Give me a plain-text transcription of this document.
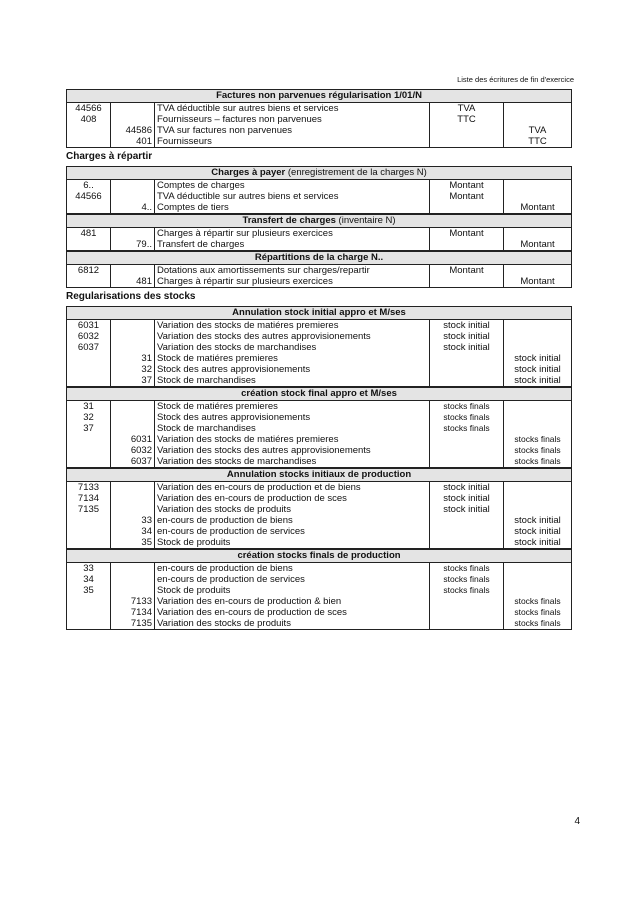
Liste des écritures de fin d'exercice
Factures non parvenues régularisation 1/01/N				
44566		TVA déductible sur autres biens et services	TVA	
408		Fournisseurs – factures non parvenues	TTC	
	44586	TVA sur factures non parvenues		TVA
	401	Fournisseurs		TTC
Charges à répartir
Charges à payer (enregistrement de la charges N)				
6..		Comptes de charges	Montant	
44566		TVA déductible sur autres biens et services	Montant	
	4..	Comptes de tiers		Montant
Transfert de charges (inventaire N)				
481		Charges à répartir sur plusieurs exercices	Montant	
	79..	Transfert de charges		Montant
Répartitions de la charge N..				
6812		Dotations aux amortissements sur charges/repartir	Montant	
	481	Charges à répartir sur plusieurs exercices		Montant
Regularisations des stocks
Annulation stock initial appro et M/ses				
6031		Variation des stocks de matiéres premieres	stock initial	
6032		Variation des stocks des autres approvisionements	stock initial	
6037		Variation des stocks de marchandises	stock initial	
	31	Stock de matiéres premieres		stock initial
	32	Stock des autres approvisionements		stock initial
	37	Stock de marchandises		stock initial
création stock final appro et M/ses				
31		Stock de matiéres premieres	stocks finals	
32		Stock des autres approvisionements	stocks finals	
37		Stock de marchandises	stocks finals	
	6031	Variation des stocks de matiéres premieres		stocks finals
	6032	Variation des stocks des autres approvisionements		stocks finals
	6037	Variation des stocks de marchandises		stocks finals
Annulation stocks initiaux de production				
7133		Variation des en-cours de production et de biens	stock initial	
7134		Variation des en-cours de production de sces	stock initial	
7135		Variation des stocks de produits	stock initial	
	33	en-cours de production de biens		stock initial
	34	en-cours de production de services		stock initial
	35	Stock de produits		stock initial
création stocks finals de production				
33		en-cours de production de biens	stocks finals	
34		en-cours de production de services	stocks finals	
35		Stock de produits	stocks finals	
	7133	Variation des en-cours de production & bien		stocks finals
	7134	Variation des en-cours de production de sces		stocks finals
	7135	Variation des stocks de produits		stocks finals
4
